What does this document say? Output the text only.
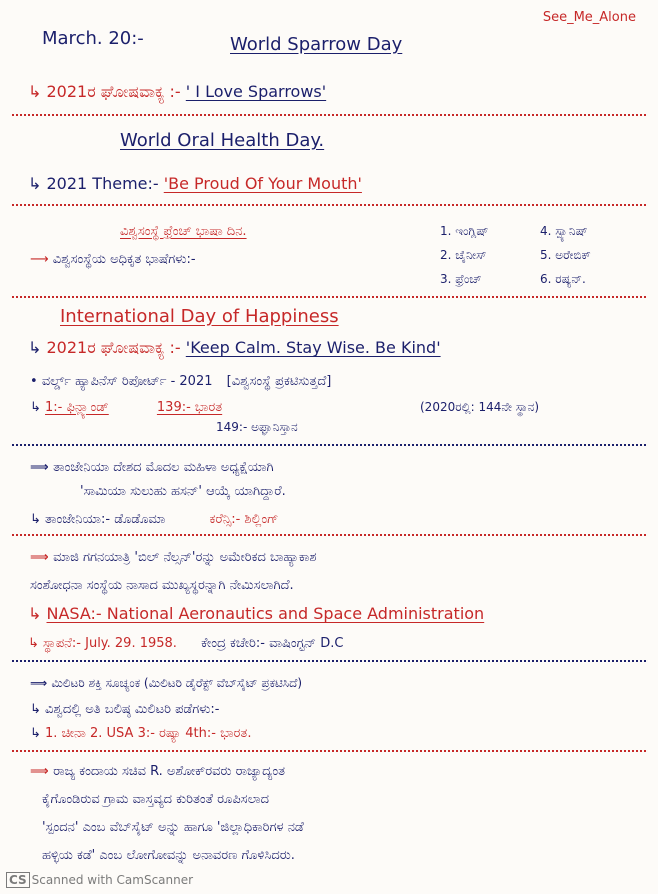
See_Me_Alone
March. 20:-	World Sparrow Day
↳ 2021ರ ಘೋಷವಾಕ್ಯ :- ' I Love Sparrows'
World Oral Health Day.
↳ 2021 Theme:- 'Be Proud Of Your Mouth'
ವಿಶ್ವಸಂಸ್ಥೆ ಫ್ರೆಂಚ್ ಭಾಷಾ ದಿನ.
⟶ ವಿಶ್ವಸಂಸ್ಥೆಯ ಅಧಿಕೃತ ಭಾಷೆಗಳು:-
1. ಇಂಗ್ಲಿಷ್	4. ಸ್ಪ್ಯಾನಿಷ್
2. ಚೈನೀಸ್	5. ಅರೇಬಿಕ್
3. ಫ್ರೆಂಚ್	6. ರಷ್ಯನ್.
International Day of Happiness
↳ 2021ರ ಘೋಷವಾಕ್ಯ :- 'Keep Calm. Stay Wise. Be Kind'
• ವರ್ಲ್ಡ್ ಹ್ಯಾಪಿನೆಸ್ ರಿಪೋರ್ಟ್ - 2021 [ವಿಶ್ವಸಂಸ್ಥೆ ಪ್ರಕಟಿಸುತ್ತದೆ]
↳ 1:- ಫಿನ್ಲ್ಯಾಂಡ್	139:- ಭಾರತ
149:- ಅಫ್ಘಾನಿಸ್ತಾನ
(2020ರಲ್ಲಿ: 144ನೇ ಸ್ಥಾನ)
⟹ ತಾಂಜೇನಿಯಾ ದೇಶದ ಮೊದಲ ಮಹಿಳಾ ಅಧ್ಯಕ್ಷೆಯಾಗಿ
'ಸಾಮಿಯಾ ಸುಲುಹು ಹಸನ್' ಆಯ್ಕೆ ಯಾಗಿದ್ದಾರೆ.
↳ ತಾಂಜೇನಿಯಾ:- ಡೊಡೊಮಾ	ಕರೆನ್ಸಿ:- ಶಿಲ್ಲಿಂಗ್
⟹ ಮಾಜಿ ಗಗನಯಾತ್ರಿ 'ಬಿಲ್ ನೆಲ್ಸನ್'ರನ್ನು ಅಮೇರಿಕದ ಬಾಹ್ಯಾಕಾಶ
ಸಂಶೋಧನಾ ಸಂಸ್ಥೆಯ ನಾಸಾದ ಮುಖ್ಯಸ್ಥರನ್ನಾಗಿ ನೇಮಿಸಲಾಗಿದೆ.
↳ NASA:- National Aeronautics and Space Administration
↳ ಸ್ಥಾಪನೆ:- July. 29. 1958. ಕೇಂದ್ರ ಕಚೇರಿ:- ವಾಷಿಂಗ್ಟನ್ D.C
⟹ ಮಿಲಿಟರಿ ಶಕ್ತಿ ಸೂಚ್ಯಂಕ (ಮಿಲಿಟರಿ ಡೈರೆಕ್ಟ್ ವೆಬ್‌ಸೈಟ್ ಪ್ರಕಟಿಸಿದೆ)
↳ ವಿಶ್ವದಲ್ಲಿ ಅತಿ ಬಲಿಷ್ಠ ಮಿಲಿಟರಿ ಪಡೆಗಳು:-
↳ 1. ಚೀನಾ 2. USA 3:- ರಷ್ಯಾ 4th:- ಭಾರತ.
⟹ ರಾಜ್ಯ ಕಂದಾಯ ಸಚಿವ R. ಅಶೋಕ್‌ರವರು ರಾಜ್ಯಾದ್ಯಂತ
ಕೈಗೊಂಡಿರುವ ಗ್ರಾಮ ವಾಸ್ತವ್ಯದ ಕುರಿತಂತೆ ರೂಪಿಸಲಾದ
'ಸ್ಪಂದನ' ಎಂಬ ವೆಬ್‌ಸೈಟ್ ಅನ್ನು ಹಾಗೂ 'ಜಿಲ್ಲಾಧಿಕಾರಿಗಳ ನಡೆ
ಹಳ್ಳಿಯ ಕಡೆ' ಎಂಬ ಲೋಗೋವನ್ನು ಅನಾವರಣ ಗೊಳಿಸಿದರು.
CS Scanned with CamScanner
